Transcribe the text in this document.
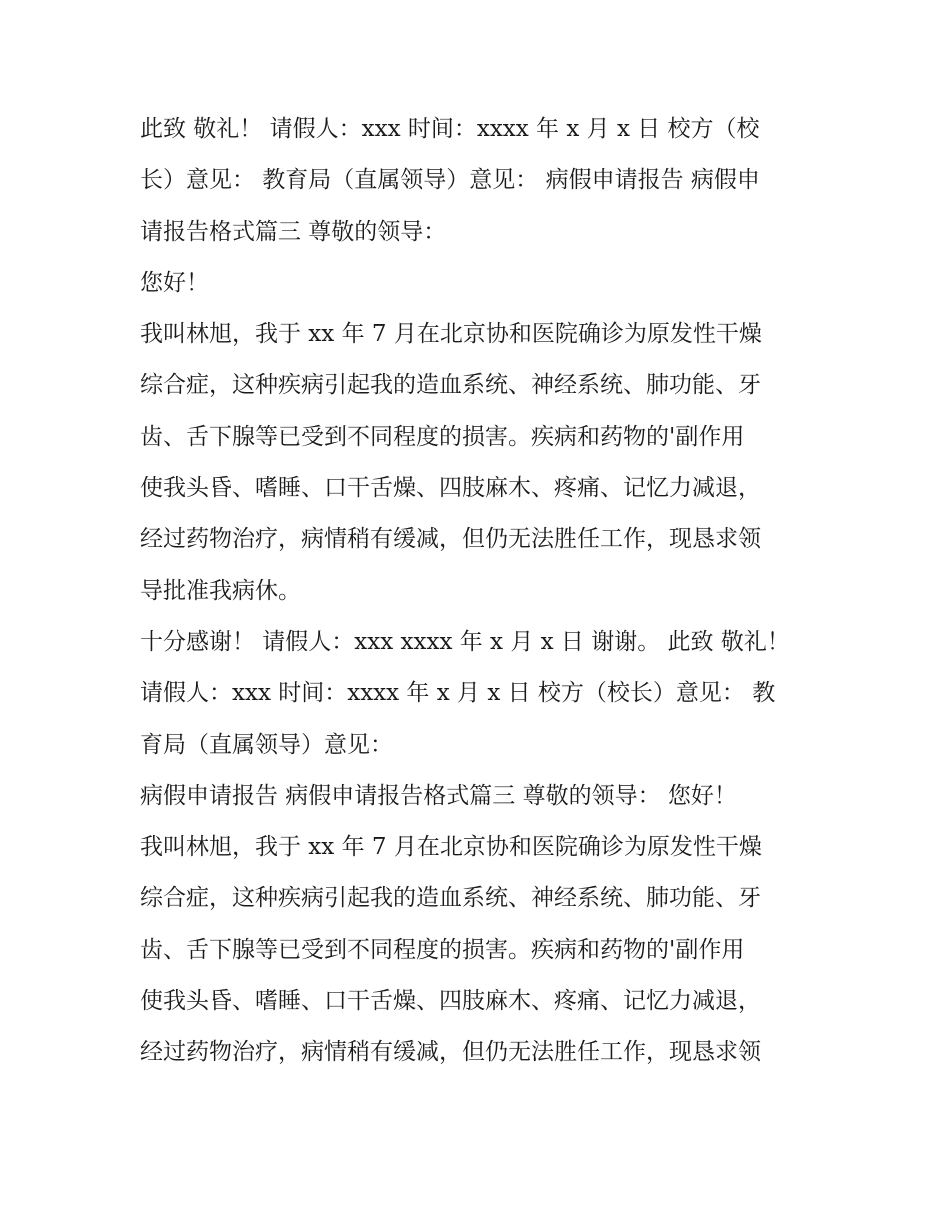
此致 敬礼！ 请假人：xxx 时间：xxxx 年 x 月 x 日 校方（校
长）意见： 教育局（直属领导）意见： 病假申请报告 病假申
请报告格式篇三 尊敬的领导：
您好！
我叫林旭，我于 xx 年 7 月在北京协和医院确诊为原发性干燥
综合症，这种疾病引起我的造血系统、神经系统、肺功能、牙
齿、舌下腺等已受到不同程度的损害。疾病和药物的'副作用
使我头昏、嗜睡、口干舌燥、四肢麻木、疼痛、记忆力减退，
经过药物治疗，病情稍有缓减，但仍无法胜任工作，现恳求领
导批准我病休。
十分感谢！ 请假人：xxx xxxx 年 x 月 x 日 谢谢。 此致 敬礼！
请假人：xxx 时间：xxxx 年 x 月 x 日 校方（校长）意见： 教
育局（直属领导）意见：
病假申请报告 病假申请报告格式篇三 尊敬的领导： 您好！
我叫林旭，我于 xx 年 7 月在北京协和医院确诊为原发性干燥
综合症，这种疾病引起我的造血系统、神经系统、肺功能、牙
齿、舌下腺等已受到不同程度的损害。疾病和药物的'副作用
使我头昏、嗜睡、口干舌燥、四肢麻木、疼痛、记忆力减退，
经过药物治疗，病情稍有缓减，但仍无法胜任工作，现恳求领
